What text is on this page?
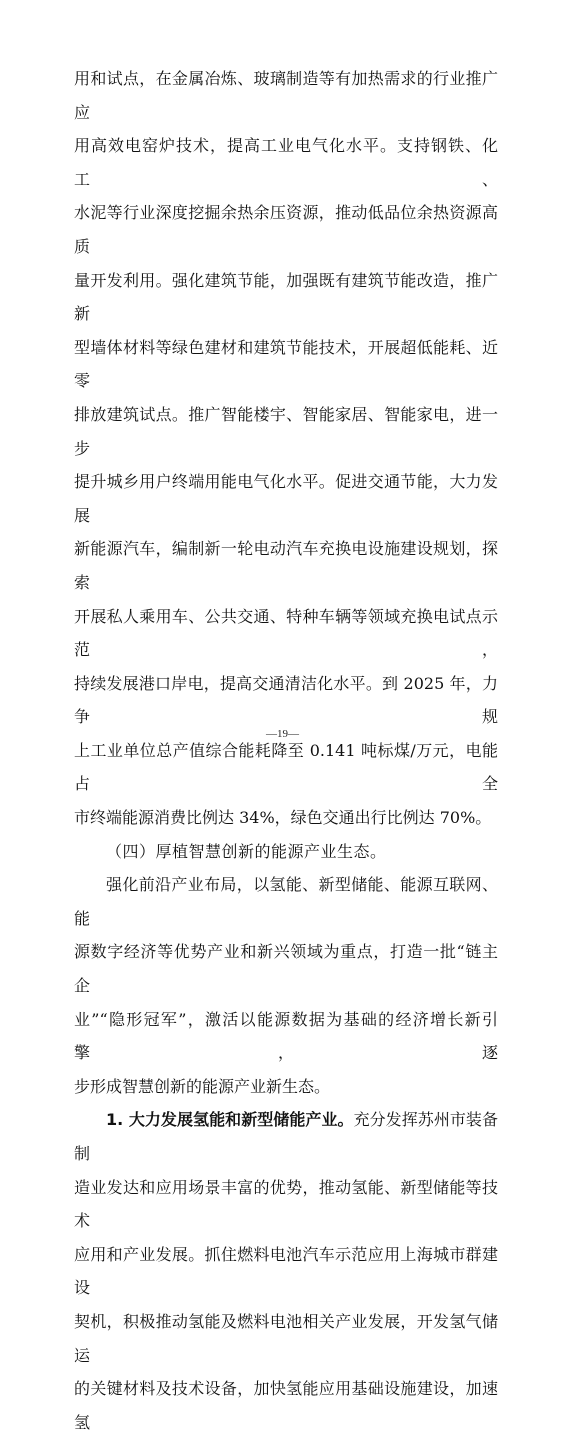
用和试点，在金属冶炼、玻璃制造等有加热需求的行业推广应

用高效电窑炉技术，提高工业电气化水平。支持钢铁、化工、

水泥等行业深度挖掘余热余压资源，推动低品位余热资源高质

量开发利用。强化建筑节能，加强既有建筑节能改造，推广新

型墙体材料等绿色建材和建筑节能技术，开展超低能耗、近零

排放建筑试点。推广智能楼宇、智能家居、智能家电，进一步

提升城乡用户终端用能电气化水平。促进交通节能，大力发展

新能源汽车，编制新一轮电动汽车充换电设施建设规划，探索

开展私人乘用车、公共交通、特种车辆等领域充换电试点示范，

持续发展港口岸电，提高交通清洁化水平。到 2025 年，力争规

上工业单位总产值综合能耗降至 0.141 吨标煤/万元，电能占全

市终端能源消费比例达 34%，绿色交通出行比例达 70%。

（四）厚植智慧创新的能源产业生态。

强化前沿产业布局，以氢能、新型储能、能源互联网、能

源数字经济等优势产业和新兴领域为重点，打造一批“链主企

业”“隐形冠军”，激活以能源数据为基础的经济增长新引擎，逐

步形成智慧创新的能源产业新生态。

1. 大力发展氢能和新型储能产业。充分发挥苏州市装备制

造业发达和应用场景丰富的优势，推动氢能、新型储能等技术

应用和产业发展。抓住燃料电池汽车示范应用上海城市群建设

契机，积极推动氢能及燃料电池相关产业发展，开发氢气储运

的关键材料及技术设备，加快氢能应用基础设施建设，加速氢

—19—
